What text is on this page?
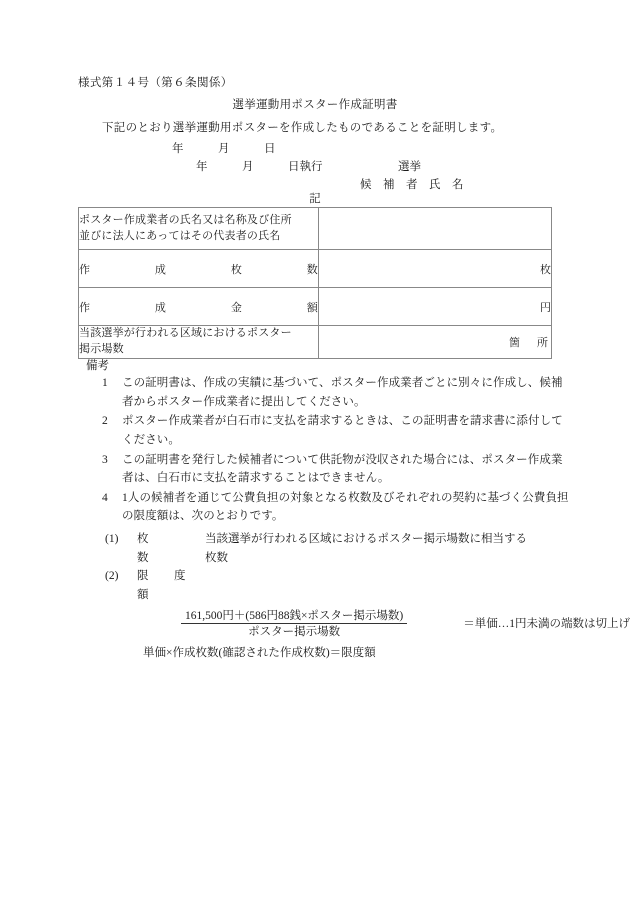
様式第１４号（第６条関係）
選挙運動用ポスター作成証明書
下記のとおり選挙運動用ポスターを作成したものであることを証明します。
年　　　月　　　日
年　　　月　　　日執行	選挙
候　補　者　氏　名
記
ポスター作成業者の氏名又は名称及び住所
並びに法人にあってはその代表者の氏名	

作 成 枚 数	枚

作 成 金 額	円

当該選挙が行われる区域におけるポスター
掲示場数	箇　所
備考
1	この証明書は、作成の実績に基づいて、ポスター作成業者ごとに別々に作成し、候補者からポスター作成業者に提出してください。
2	ポスター作成業者が白石市に支払を請求するときは、この証明書を請求書に添付してください。
3	この証明書を発行した候補者について供託物が没収された場合には、ポスター作成業者は、白石市に支払を請求することはできません。
4	1人の候補者を通じて公費負担の対象となる枚数及びそれぞれの契約に基づく公費負担の限度額は、次のとおりです。
(1)	枚　　数
当該選挙が行われる区域におけるポスター掲示場数に相当する
枚数
(2)	限　度　額
$\frac{\text{161,500円＋(586円88銭×ポスター掲示場数)}}{\text{ポスター掲示場数}}$ ＝単価…1円未満の端数は切上げ
単価×作成枚数(確認された作成枚数)＝限度額
